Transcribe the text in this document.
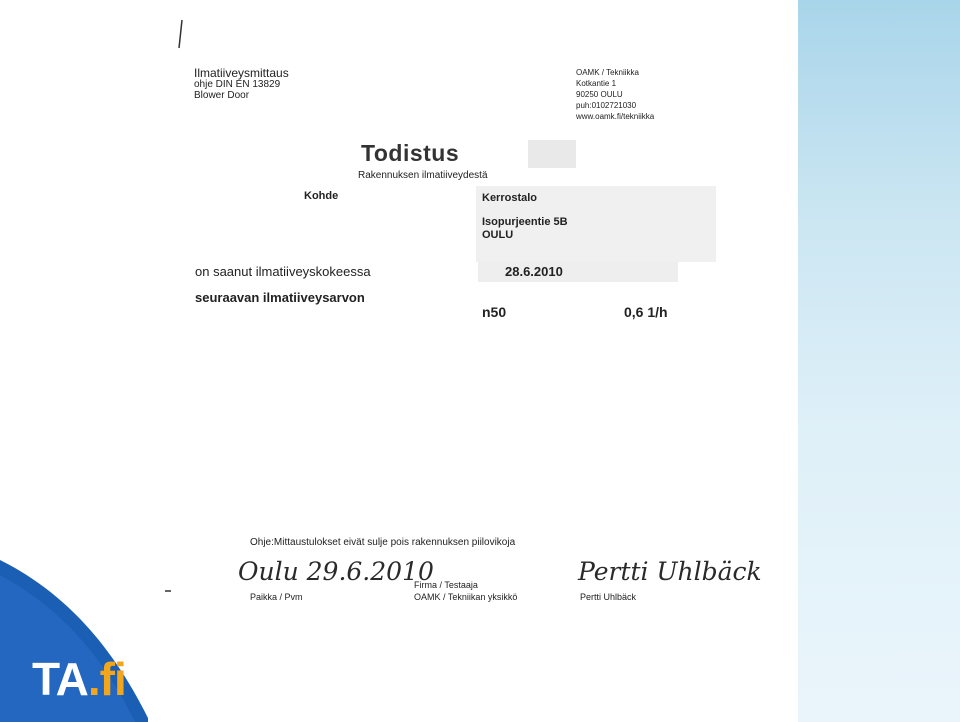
TA.fi
Ilmatiiveysmittaus
ohje DIN EN 13829
Blower Door
OAMK / Tekniikka
Kotkantie 1
90250 OULU
puh:0102721030
www.oamk.fi/tekniikka
Todistus
Rakennuksen ilmatiiveydestä
Kohde	Kerrostalo
Isopurjeentie 5B
OULU
on saanut ilmatiiveyskokeessa	28.6.2010
seuraavan ilmatiiveysarvon
n50	0,6 1/h
Ohje:Mittaustulokset eivät sulje pois rakennuksen piilovikoja
Oulu 29.6.2010	Pertti Uhlbäck
Paikka / Pvm
Firma / Testaaja
OAMK / Tekniikan yksikkö	Pertti Uhlbäck
